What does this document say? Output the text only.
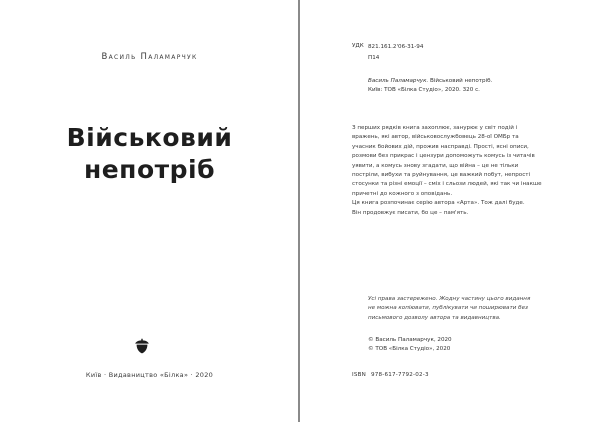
Василь Паламарчук
Військовий
непотріб
Київ · Видавництво «Білка» · 2020
УДК 821.161.2'06-31-94
П14
Василь Паламарчук. Військовий непотріб.
Київ: ТОВ «Білка Студіо», 2020. 320 с.

З перших рядків книга захоплює, занурює у світ подій і вражень, які автор, військовослужбовець 28-ої ОМБр та учасник бойових дій, прожив насправді. Прості, ясні описи, розмови без прикрас і цензури допоможуть комусь із читачів уявити, а комусь знову згадати, що війна – це не тільки постріли, вибухи та руйнування, це важкий побут, непрості стосунки та різні емоції – сміх і сльози людей, які так чи інакше причетні до кожного з оповідань.

Ця книга розпочинає серію автора «Арта». Тож далі буде.

Він продовжує писати, бо це – пам'ять.

Усі права застережено. Жодну частину цього видання не можна копіювати, публікувати чи поширювати без письмового дозволу автора та видавництва.
© Василь Паламарчук, 2020
© ТОВ «Білка Студіо», 2020
ISBN 978-617-7792-02-3
